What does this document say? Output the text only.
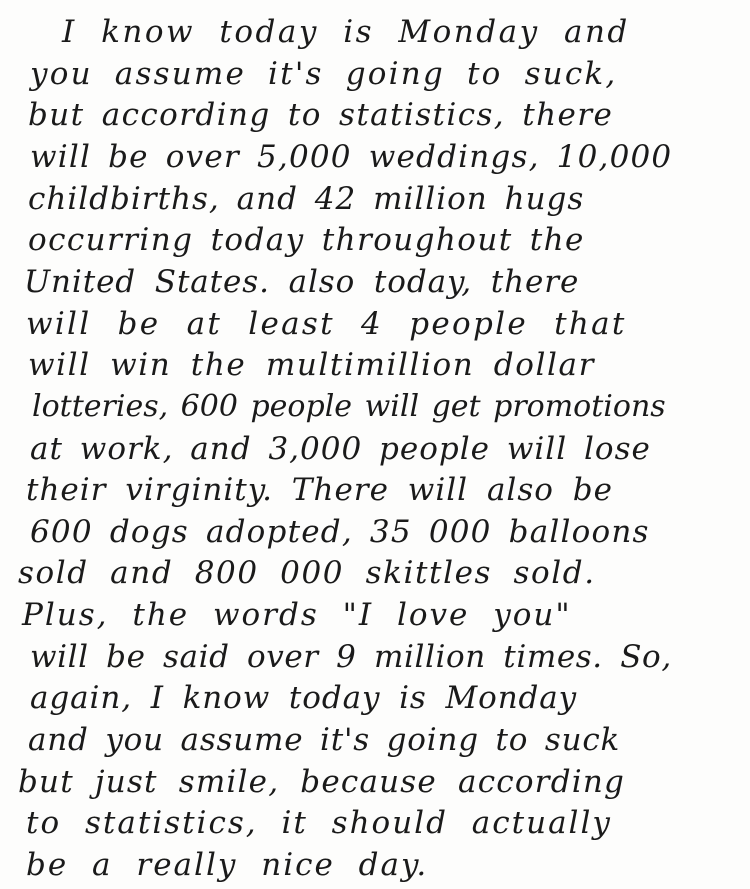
I know today is Monday and
you assume it's going to suck,
but according to statistics, there
will be over 5,000 weddings, 10,000
childbirths, and 42 million hugs
occurring today throughout the
United States. also today, there
will be at least 4 people that
will win the multimillion dollar
lotteries, 600 people will get promotions
at work, and 3,000 people will lose
their virginity. There will also be
600 dogs adopted, 35 000 balloons
sold and 800 000 skittles sold.
Plus, the words "I love you"
will be said over 9 million times. So,
again, I know today is Monday
and you assume it's going to suck
but just smile, because according
to statistics, it should actually
be a really nice day.
